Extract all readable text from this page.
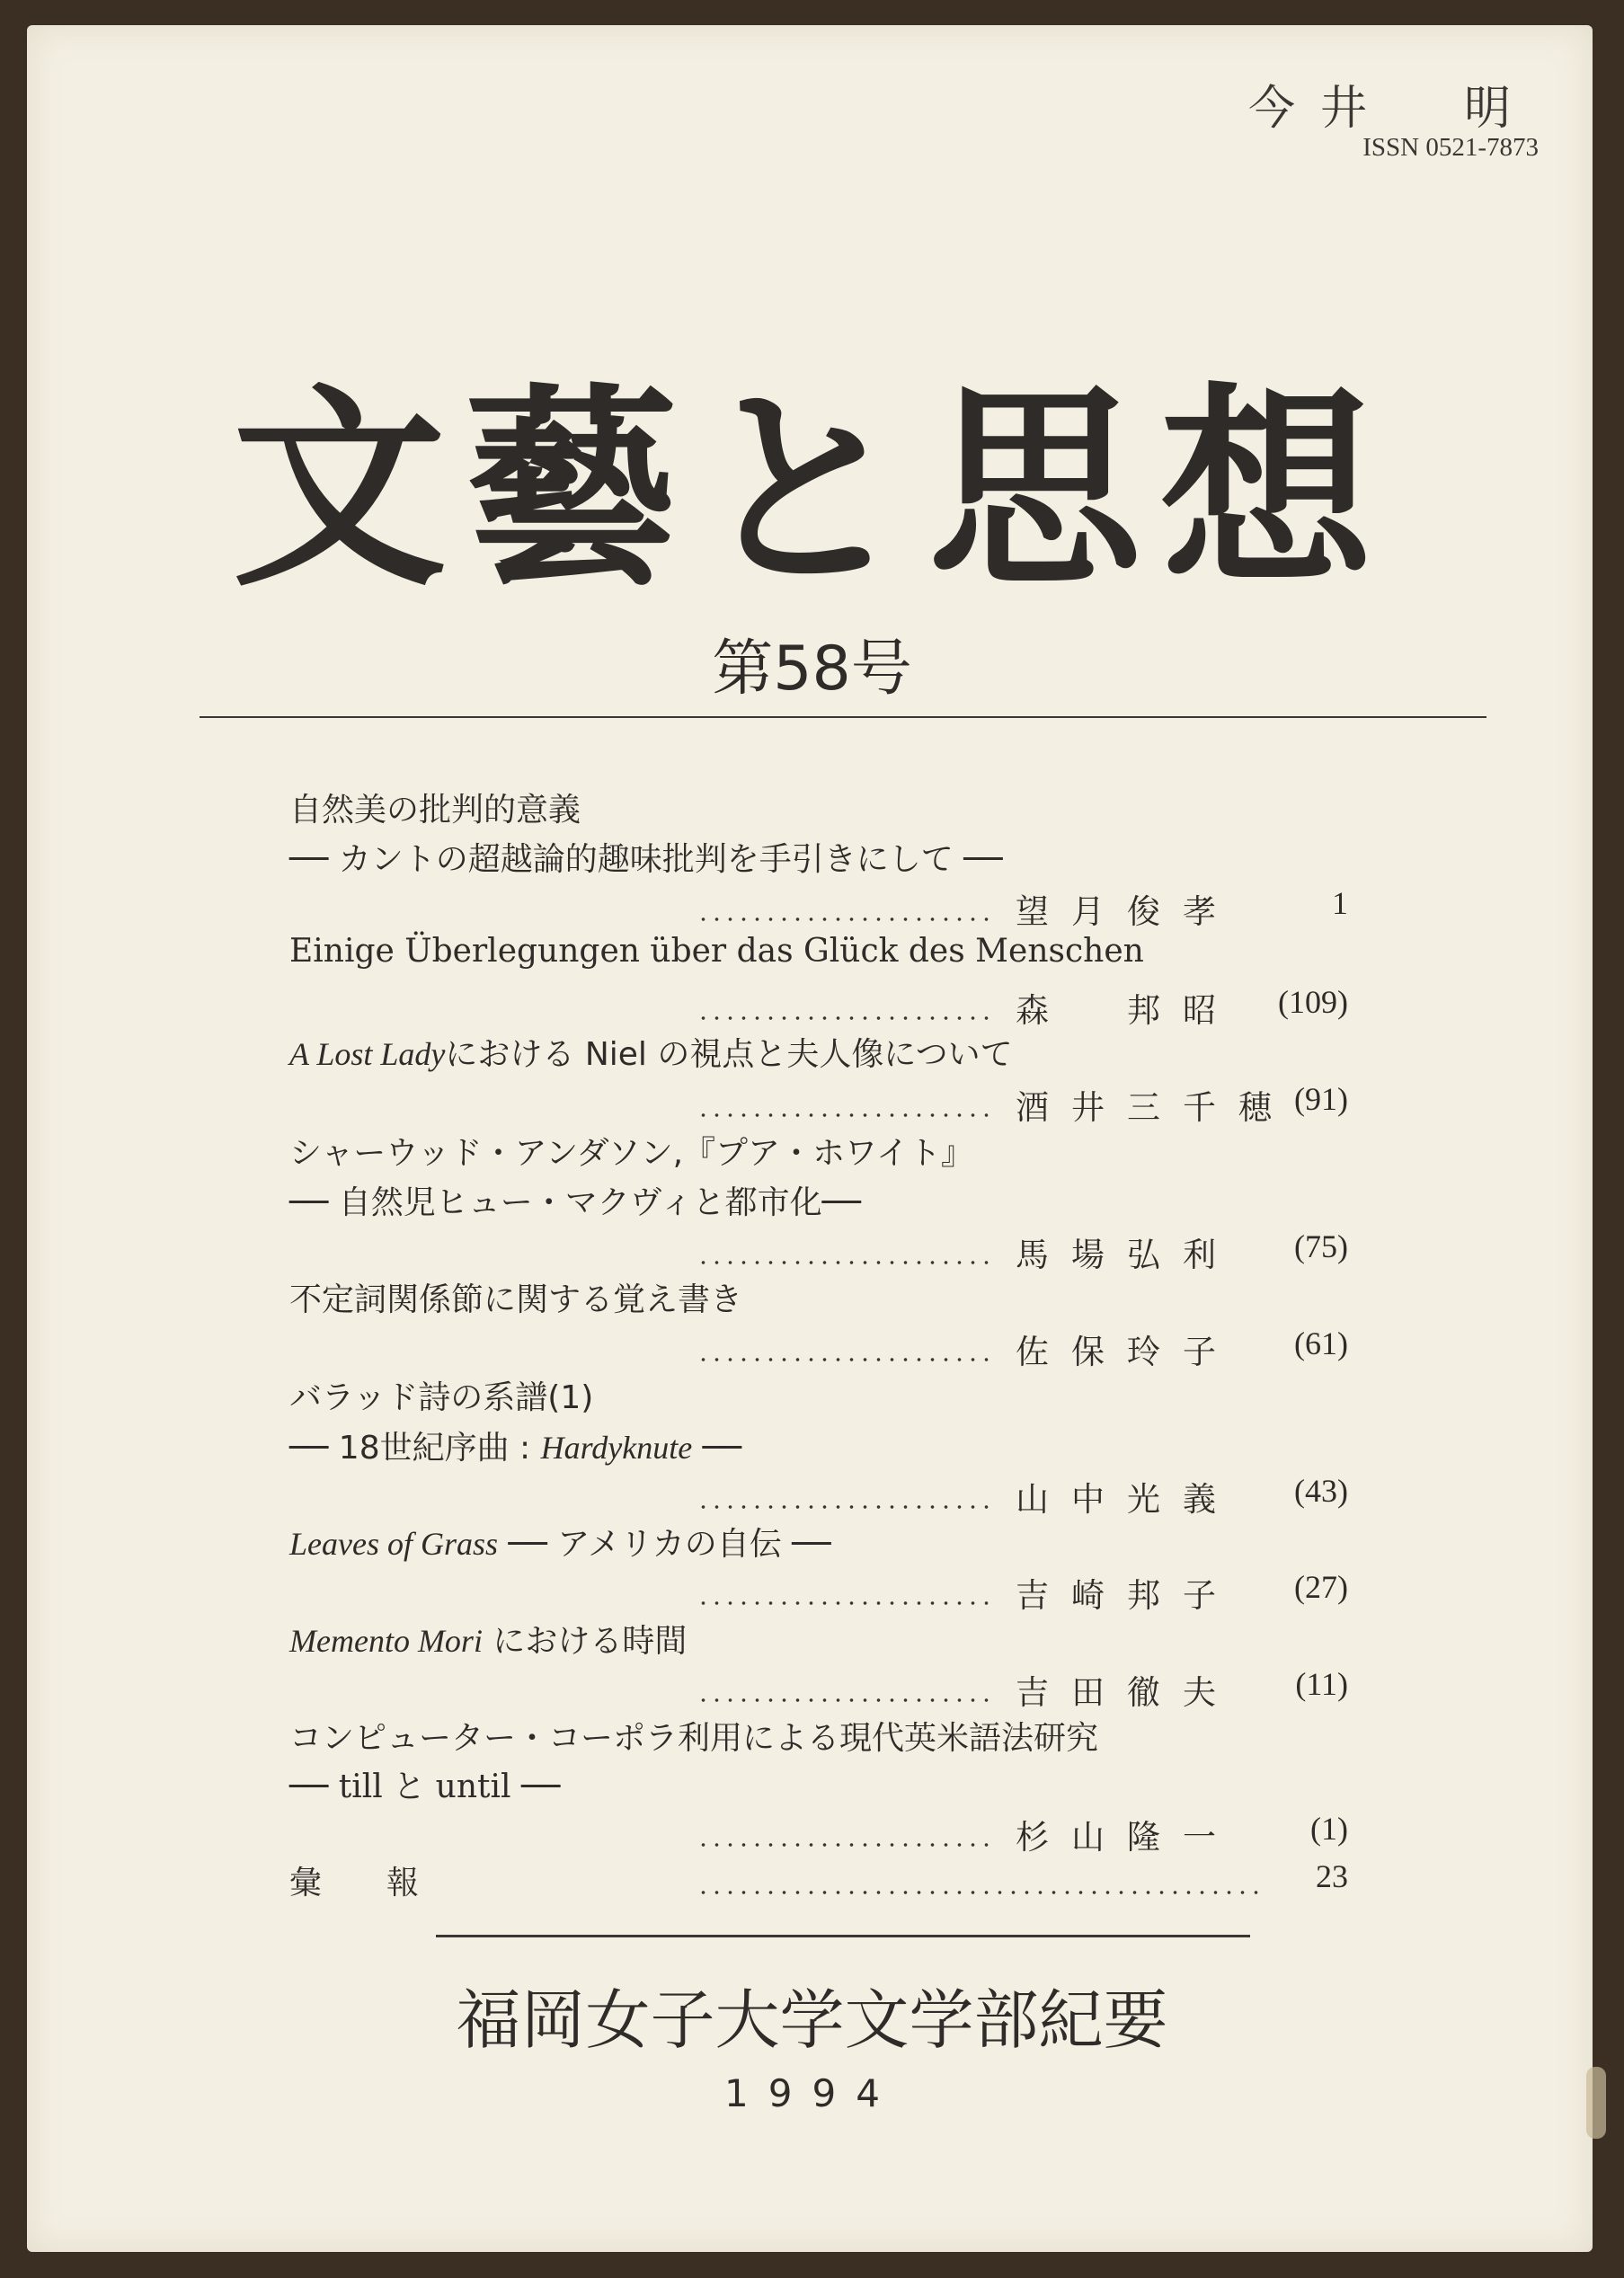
今井　明
ISSN 0521-7873
文藝と思想
第58号
自然美の批判的意義
── カントの超越論的趣味批判を手引きにして ──
望月俊孝	1
Einige Überlegungen über das Glück des Menschen
森　邦昭 (109)
A Lost Ladyにおける Niel の視点と夫人像について
酒井三千穂 (91)
シャーウッド・アンダソン,『プア・ホワイト』
── 自然児ヒュー・マクヴィと都市化──
馬場弘利 (75)
不定詞関係節に関する覚え書き
佐保玲子 (61)
バラッド詩の系譜(1)
── 18世紀序曲 : Hardyknute ──
山中光義 (43)
Leaves of Grass ── アメリカの自伝 ──
吉崎邦子 (27)
Memento Mori における時間
吉田徹夫 (11)
コンピューター・コーポラ利用による現代英米語法研究
── till と until ──
杉山隆一 (1)
彙　報	23
福岡女子大学文学部紀要
1994
